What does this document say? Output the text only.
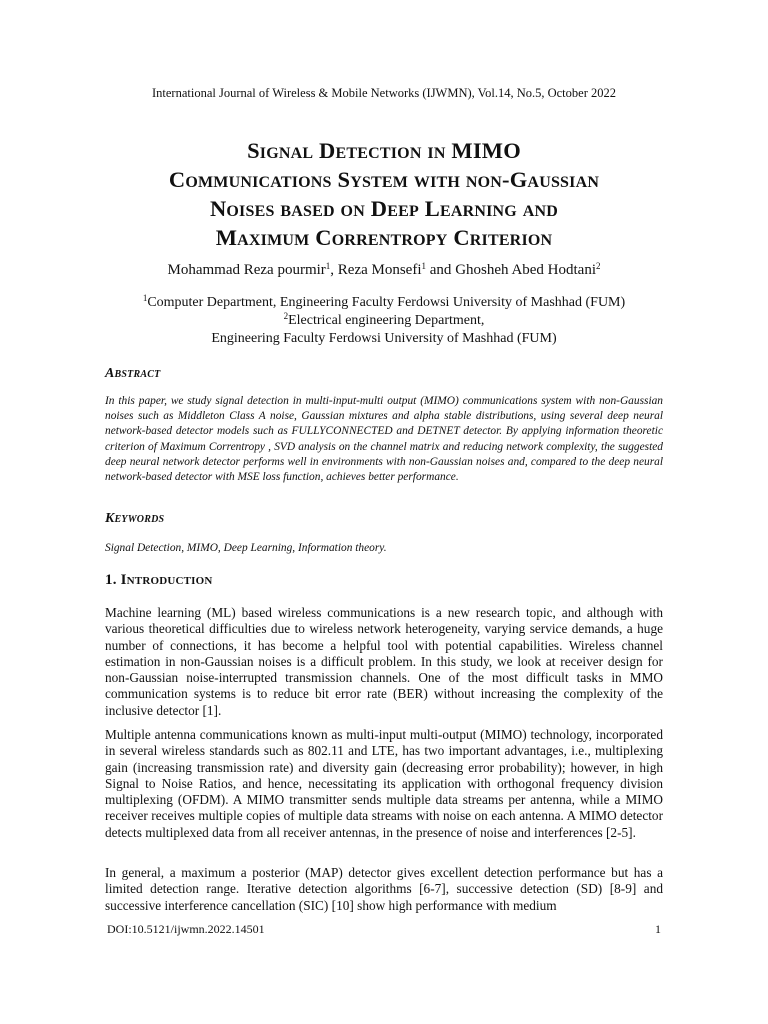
International Journal of Wireless & Mobile Networks (IJWMN), Vol.14, No.5, October 2022
Signal Detection in MIMO
Communications System with non-Gaussian
Noises based on Deep Learning and
Maximum Correntropy Criterion
Mohammad Reza pourmir$^1$, Reza Monsefi$^1$ and Ghosheh Abed Hodtani$^2$
$^1$Computer Department, Engineering Faculty Ferdowsi University of Mashhad (FUM)
$^2$Electrical engineering Department,
Engineering Faculty Ferdowsi University of Mashhad (FUM)
Abstract
In this paper, we study signal detection in multi-input-multi output (MIMO) communications system with non-Gaussian noises such as Middleton Class A noise, Gaussian mixtures and alpha stable distributions, using several deep neural network-based detector models such as FULLYCONNECTED and DETNET detector. By applying information theoretic criterion of Maximum Correntropy , SVD analysis on the channel matrix and reducing network complexity, the suggested deep neural network detector performs well in environments with non-Gaussian noises and, compared to the deep neural network-based detector with MSE loss function, achieves better performance.
Keywords
Signal Detection, MIMO, Deep Learning, Information theory.
1. Introduction
Machine learning (ML) based wireless communications is a new research topic, and although with various theoretical difficulties due to wireless network heterogeneity, varying service demands, a huge number of connections, it has become a helpful tool with potential capabilities. Wireless channel estimation in non-Gaussian noises is a difficult problem. In this study, we look at receiver design for non-Gaussian noise-interrupted transmission channels. One of the most difficult tasks in MMO communication systems is to reduce bit error rate (BER) without increasing the complexity of the inclusive detector [1].
Multiple antenna communications known as multi-input multi-output (MIMO) technology, incorporated in several wireless standards such as 802.11 and LTE, has two important advantages, i.e., multiplexing gain (increasing transmission rate) and diversity gain (decreasing error probability); however, in high Signal to Noise Ratios, and hence, necessitating its application with orthogonal frequency division multiplexing (OFDM). A MIMO transmitter sends multiple data streams per antenna, while a MIMO receiver receives multiple copies of multiple data streams with noise on each antenna. A MIMO detector detects multiplexed data from all receiver antennas, in the presence of noise and interferences [2-5].
In general, a maximum a posterior (MAP) detector gives excellent detection performance but has a limited detection range. Iterative detection algorithms [6-7], successive detection (SD) [8-9] and successive interference cancellation (SIC) [10] show high performance with medium
DOI:10.5121/ijwmn.2022.14501	1
